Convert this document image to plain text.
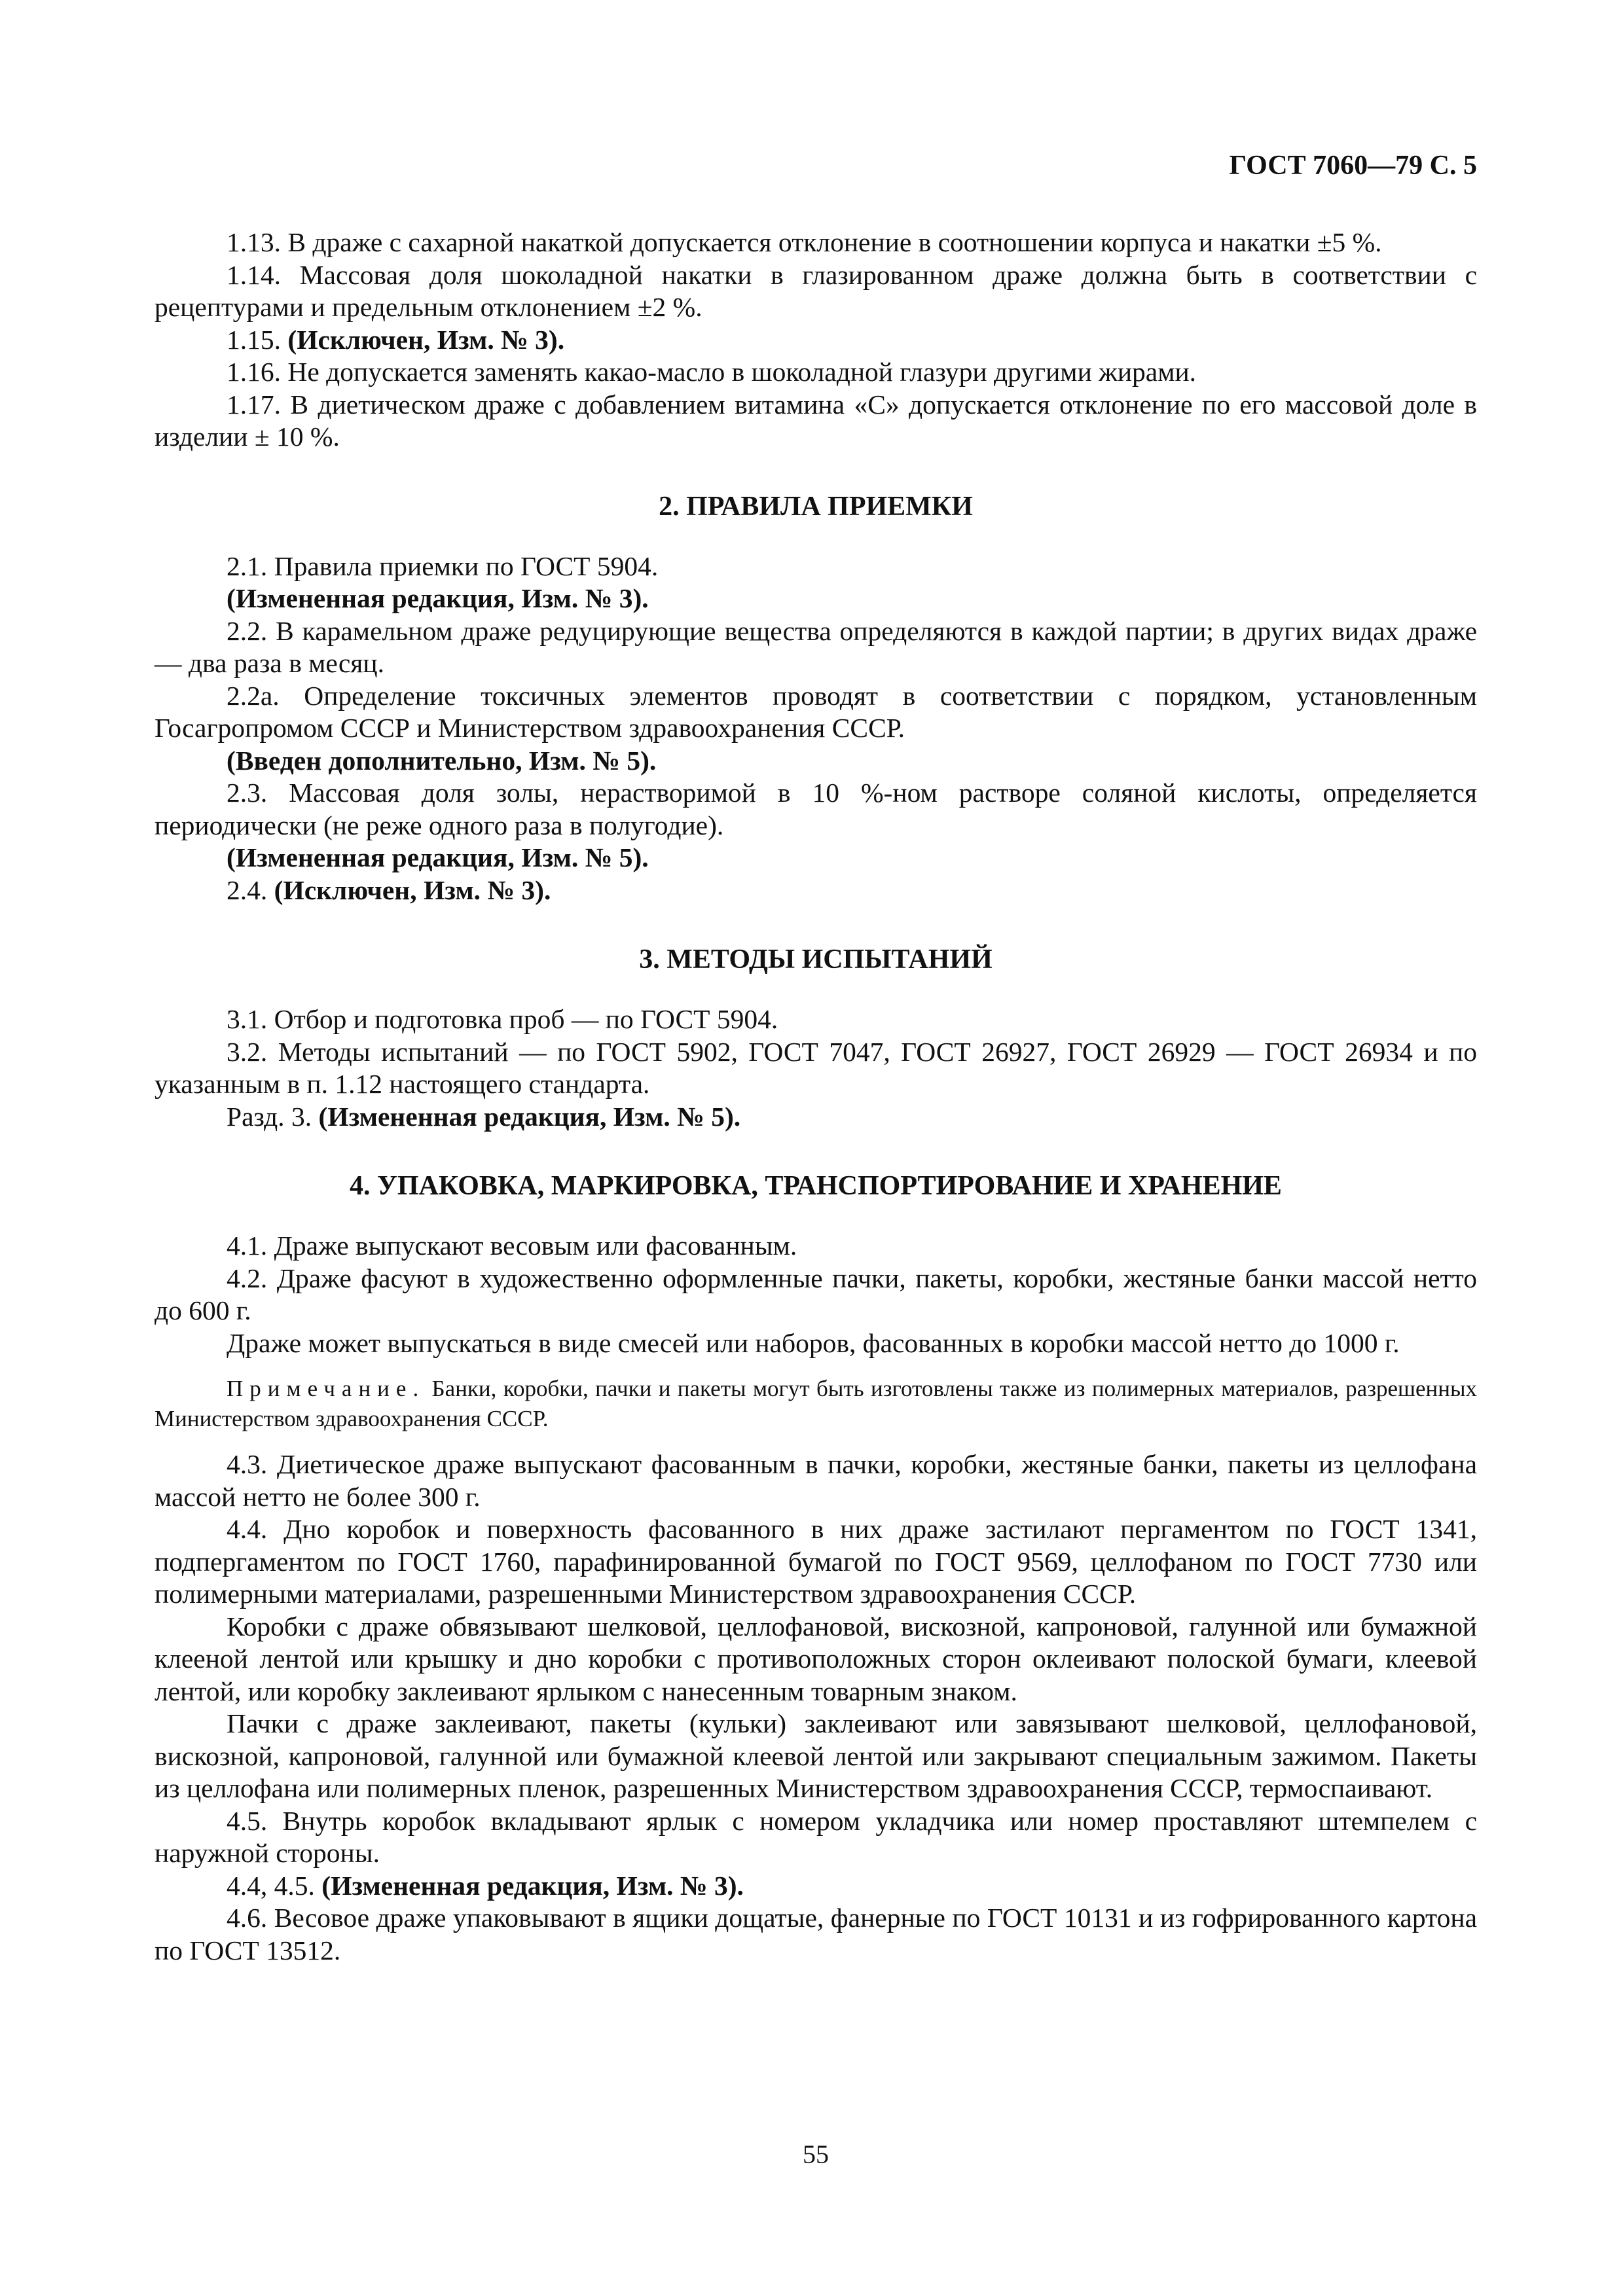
ГОСТ 7060—79 С. 5

1.13. В драже с сахарной накаткой допускается отклонение в соотношении корпуса и накатки ±5 %.

1.14. Массовая доля шоколадной накатки в глазированном драже должна быть в соответствии с рецептурами и предельным отклонением ±2 %.

1.15. (Исключен, Изм. № 3).

1.16. Не допускается заменять какао-масло в шоколадной глазури другими жирами.

1.17. В диетическом драже с добавлением витамина «С» допускается отклонение по его массовой доле в изделии ± 10 %.

2. ПРАВИЛА ПРИЕМКИ

2.1. Правила приемки по ГОСТ 5904.

(Измененная редакция, Изм. № 3).

2.2. В карамельном драже редуцирующие вещества определяются в каждой партии; в других видах драже — два раза в месяц.

2.2а. Определение токсичных элементов проводят в соответствии с порядком, установленным Госагропромом СССР и Министерством здравоохранения СССР.

(Введен дополнительно, Изм. № 5).

2.3. Массовая доля золы, нерастворимой в 10 %-ном растворе соляной кислоты, определяется периодически (не реже одного раза в полугодие).

(Измененная редакция, Изм. № 5).

2.4. (Исключен, Изм. № 3).

3. МЕТОДЫ ИСПЫТАНИЙ

3.1. Отбор и подготовка проб — по ГОСТ 5904.

3.2. Методы испытаний — по ГОСТ 5902, ГОСТ 7047, ГОСТ 26927, ГОСТ 26929 — ГОСТ 26934 и по указанным в п. 1.12 настоящего стандарта.

Разд. 3. (Измененная редакция, Изм. № 5).

4. УПАКОВКА, МАРКИРОВКА, ТРАНСПОРТИРОВАНИЕ И ХРАНЕНИЕ

4.1. Драже выпускают весовым или фасованным.

4.2. Драже фасуют в художественно оформленные пачки, пакеты, коробки, жестяные банки массой нетто до 600 г.

Драже может выпускаться в виде смесей или наборов, фасованных в коробки массой нетто до 1000 г.

Примечание. Банки, коробки, пачки и пакеты могут быть изготовлены также из полимерных материалов, разрешенных Министерством здравоохранения СССР.

4.3. Диетическое драже выпускают фасованным в пачки, коробки, жестяные банки, пакеты из целлофана массой нетто не более 300 г.

4.4. Дно коробок и поверхность фасованного в них драже застилают пергаментом по ГОСТ 1341, подпергаментом по ГОСТ 1760, парафинированной бумагой по ГОСТ 9569, целлофаном по ГОСТ 7730 или полимерными материалами, разрешенными Министерством здравоохранения СССР.

Коробки с драже обвязывают шелковой, целлофановой, вискозной, капроновой, галунной или бумажной клееной лентой или крышку и дно коробки с противоположных сторон оклеивают полоской бумаги, клеевой лентой, или коробку заклеивают ярлыком с нанесенным товарным знаком.

Пачки с драже заклеивают, пакеты (кульки) заклеивают или завязывают шелковой, целлофановой, вискозной, капроновой, галунной или бумажной клеевой лентой или закрывают специальным зажимом. Пакеты из целлофана или полимерных пленок, разрешенных Министерством здравоохранения СССР, термоспаивают.

4.5. Внутрь коробок вкладывают ярлык с номером укладчика или номер проставляют штемпелем с наружной стороны.

4.4, 4.5. (Измененная редакция, Изм. № 3).

4.6. Весовое драже упаковывают в ящики дощатые, фанерные по ГОСТ 10131 и из гофрированного картона по ГОСТ 13512.

55
